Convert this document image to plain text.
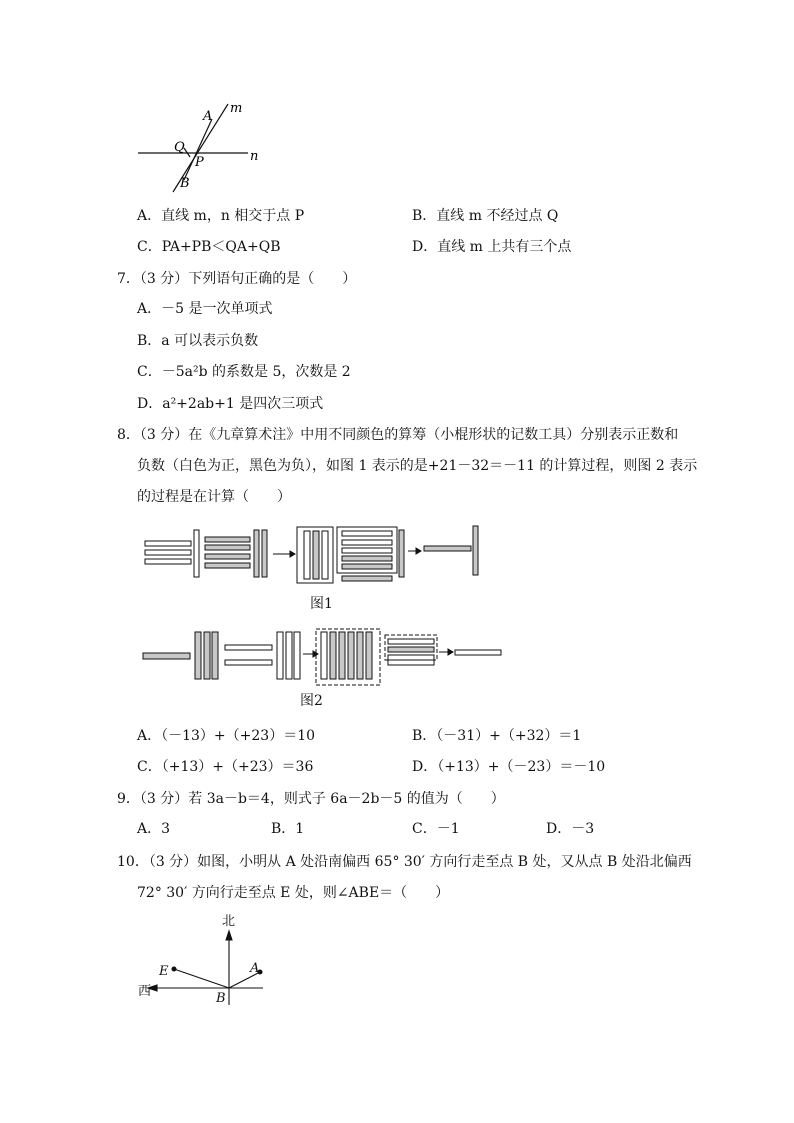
A
m
Q
P	n
B
A．直线 m，n 相交于点 P	B．直线 m 不经过点 Q
C．PA+PB＜QA+QB	D．直线 m 上共有三个点
7．（3 分）下列语句正确的是（　　）
A．－5 是一次单项式
B．a 可以表示负数
C．－5a²b 的系数是 5，次数是 2
D．a²+2ab+1 是四次三项式
8．（3 分）在《九章算术注》中用不同颜色的算筹（小棍形状的记数工具）分别表示正数和
负数（白色为正，黑色为负），如图 1 表示的是+21－32＝－11 的计算过程，则图 2 表示
的过程是在计算（　　）
图1
图2
A．（－13）+（+23）＝10	B．（－31）+（+32）＝1
C．（+13）+（+23）＝36	D．（+13）+（－23）＝－10
9．（3 分）若 3a－b＝4，则式子 6a－2b－5 的值为（　　）
A．3	B．1	C．－1	D．－3
10．（3 分）如图，小明从 A 处沿南偏西 65° 30′ 方向行走至点 B 处，又从点 B 处沿北偏西
72° 30′ 方向行走至点 E 处，则∠ABE＝（　　）
北
西
E	A
B
